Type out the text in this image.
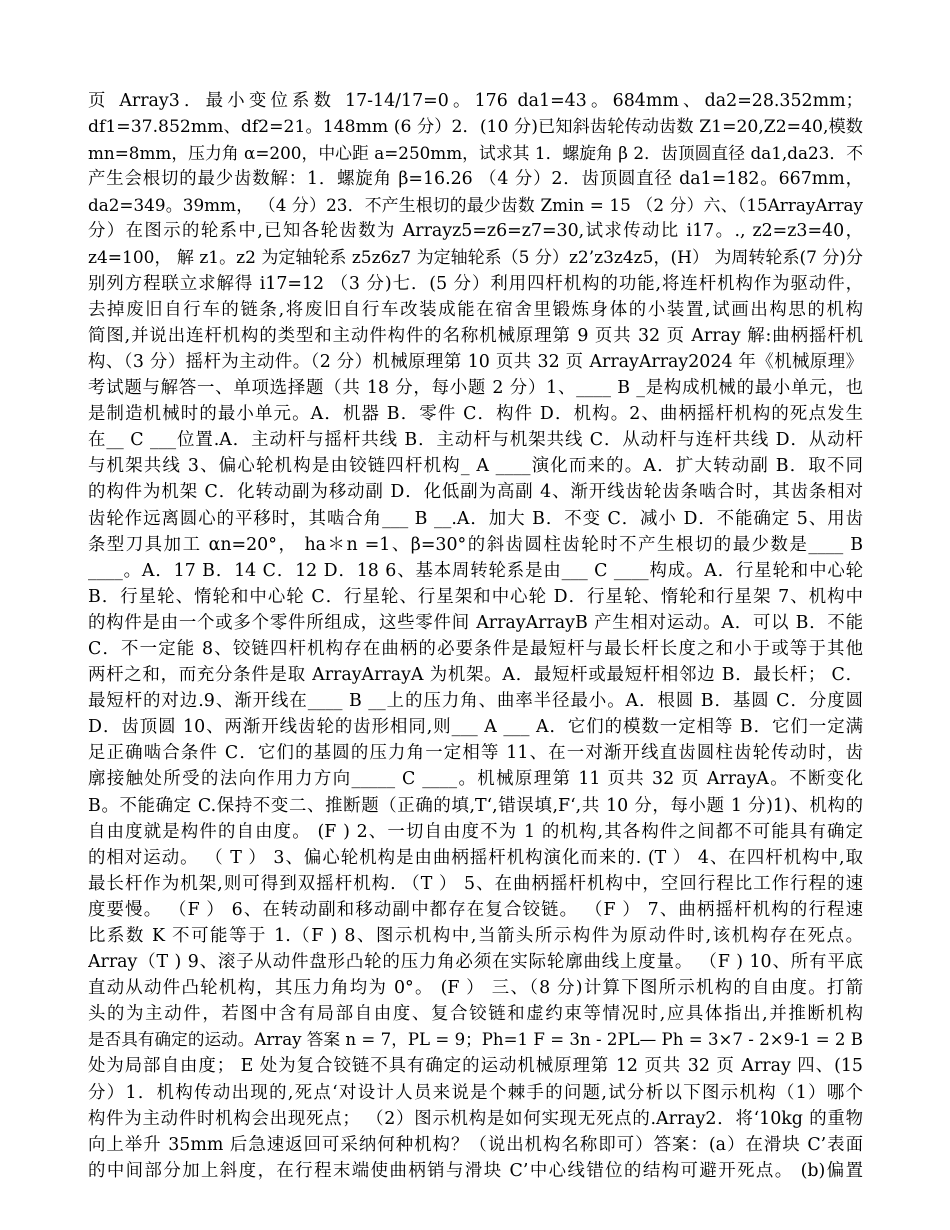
页 Array3．最小变位系数 17-14/17=0。176 da1=43。684mm、da2=28.352mm；
df1=37.852mm、df2=21。148mm (6 分）2．(10 分)已知斜齿轮传动齿数 Z1=20,Z2=40,模数
mn=8mm，压力角 α=200，中心距 a=250mm，试求其 1．螺旋角 β 2．齿顶圆直径 da1,da23．不
产生会根切的最少齿数解：1．螺旋角 β=16.26 （4 分）2．齿顶圆直径 da1=182。667mm，
da2=349。39mm， （4 分）23．不产生根切的最少齿数 Zmin = 15 （2 分）六、（15ArrayArray
分）在图示的轮系中,已知各轮齿数为 Arrayz5=z6=z7=30,试求传动比 i17。., z2=z3=40，
z4=100， 解 z1。z2 为定轴轮系 z5z6z7 为定轴轮系（5 分）z2’z3z4z5，(H） 为周转轮系(7 分)分
别列方程联立求解得 i17=12 （3 分)七．(5 分）利用四杆机构的功能,将连杆机构作为驱动件，
去掉废旧自行车的链条,将废旧自行车改装成能在宿舍里锻炼身体的小装置,试画出构思的机构
简图,并说出连杆机构的类型和主动件构件的名称机械原理第 9 页共 32 页 Array 解:曲柄摇杆机
构、（3 分）摇杆为主动件。（2 分）机械原理第 10 页共 32 页 ArrayArray2024 年《机械原理》
考试题与解答一、单项选择题（共 18 分，每小题 2 分）1、____ B _是构成机械的最小单元，也
是制造机械时的最小单元。A．机器 B．零件 C．构件 D．机构。2、曲柄摇杆机构的死点发生
在__ C ___位置.A．主动杆与摇杆共线 B．主动杆与机架共线 C．从动杆与连杆共线 D．从动杆
与机架共线 3、偏心轮机构是由铰链四杆机构_ A ____演化而来的。A．扩大转动副 B．取不同
的构件为机架 C．化转动副为移动副 D．化低副为高副 4、渐开线齿轮齿条啮合时，其齿条相对
齿轮作远离圆心的平移时，其啮合角___ B __.A．加大 B．不变 C．减小 D．不能确定 5、用齿
条型刀具加工 αn=20°， ha＊n =1、β=30°的斜齿圆柱齿轮时不产生根切的最少数是____ B
____。A．17 B．14 C．12 D．18 6、基本周转轮系是由___ C ____构成。A．行星轮和中心轮
B．行星轮、惰轮和中心轮 C．行星轮、行星架和中心轮 D．行星轮、惰轮和行星架 7、机构中
的构件是由一个或多个零件所组成，这些零件间 ArrayArrayB 产生相对运动。A．可以 B．不能
C．不一定能 8、铰链四杆机构存在曲柄的必要条件是最短杆与最长杆长度之和小于或等于其他
两杆之和，而充分条件是取 ArrayArrayA 为机架。A．最短杆或最短杆相邻边 B．最长杆； C．
最短杆的对边.9、渐开线在____ B __上的压力角、曲率半径最小。A．根圆 B．基圆 C．分度圆
D．齿顶圆 10、两渐开线齿轮的齿形相同,则___ A ___ A．它们的模数一定相等 B．它们一定满
足正确啮合条件 C．它们的基圆的压力角一定相等 11、在一对渐开线直齿圆柱齿轮传动时，齿
廓接触处所受的法向作用力方向_____ C ____。机械原理第 11 页共 32 页 ArrayA。不断变化
B。不能确定 C.保持不变二、推断题（正确的填,T‘,错误填,F‘,共 10 分，每小题 1 分)1)、机构的
自由度就是构件的自由度。 (F ) 2、一切自由度不为 1 的机构,其各构件之间都不可能具有确定
的相对运动。 （ T ） 3、偏心轮机构是由曲柄摇杆机构演化而来的. (T ） 4、在四杆机构中,取
最长杆作为机架,则可得到双摇杆机构. （T ） 5、在曲柄摇杆机构中，空回行程比工作行程的速
度要慢。 （F ） 6、在转动副和移动副中都存在复合铰链。 （F ） 7、曲柄摇杆机构的行程速
比系数 K 不可能等于 1.（F ) 8、图示机构中,当箭头所示构件为原动件时,该机构存在死点。
Array（T ) 9、滚子从动件盘形凸轮的压力角必须在实际轮廓曲线上度量。 （F ) 10、所有平底
直动从动件凸轮机构，其压力角均为 0°。 (F ） 三、（8 分)计算下图所示机构的自由度。打箭
头的为主动件，若图中含有局部自由度、复合铰链和虚约束等情况时,应具体指出,并推断机构
是否具有确定的运动。Array 答案 n = 7，PL = 9；Ph=1 F = 3n - 2PL— Ph = 3×7 - 2×9-1 = 2 B
处为局部自由度； E 处为复合铰链不具有确定的运动机械原理第 12 页共 32 页 Array 四、(15
分）1．机构传动出现的,死点‘对设计人员来说是个棘手的问题,试分析以下图示机构（1）哪个
构件为主动件时机构会出现死点； （2）图示机构是如何实现无死点的.Array2．将‘10kg 的重物
向上举升 35mm 后急速返回可采纳何种机构？（说出机构名称即可）答案：(a）在滑块 C’表面
的中间部分加上斜度，在行程末端使曲柄销与滑块 C’中心线错位的结构可避开死点。 (b)偏置
